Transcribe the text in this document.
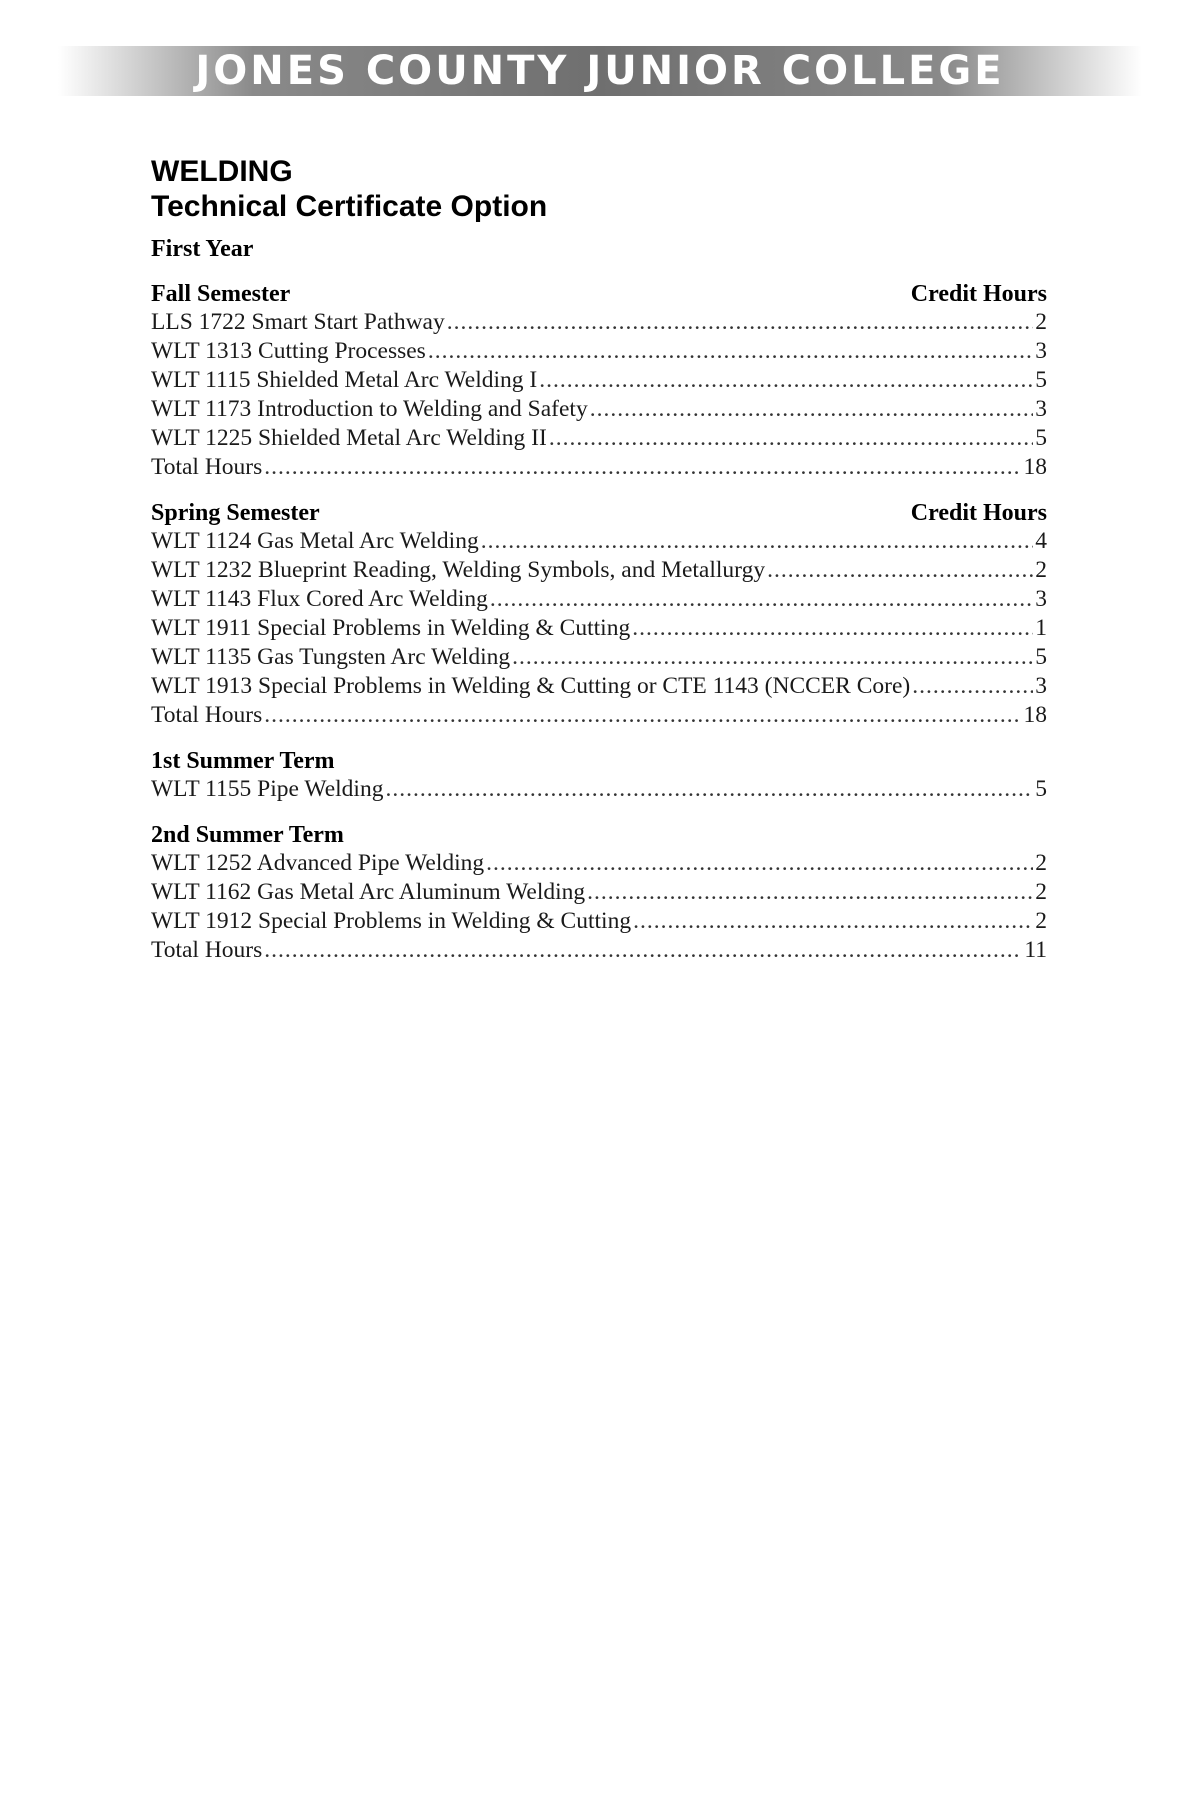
JONES COUNTY JUNIOR COLLEGE
WELDING
Technical Certificate Option
First Year
Fall Semester	Credit Hours
LLS 1722 Smart Start Pathway .....	2
WLT 1313 Cutting Processes .....	3
WLT 1115 Shielded Metal Arc Welding I .....	5
WLT 1173 Introduction to Welding and Safety .....	3
WLT 1225 Shielded Metal Arc Welding II .....	5
Total Hours .....	18
Spring Semester	Credit Hours
WLT 1124 Gas Metal Arc Welding .....	4
WLT 1232 Blueprint Reading, Welding Symbols, and Metallurgy .....	2
WLT 1143 Flux Cored Arc Welding .....	3
WLT 1911 Special Problems in Welding & Cutting .....	1
WLT 1135 Gas Tungsten Arc Welding .....	5
WLT 1913 Special Problems in Welding & Cutting or CTE 1143 (NCCER Core) .....	3
Total Hours .....	18
1st Summer Term
WLT 1155 Pipe Welding .....	5
2nd Summer Term
WLT 1252 Advanced Pipe Welding .....	2
WLT 1162 Gas Metal Arc Aluminum Welding .....	2
WLT 1912 Special Problems in Welding & Cutting .....	2
Total Hours .....	11
